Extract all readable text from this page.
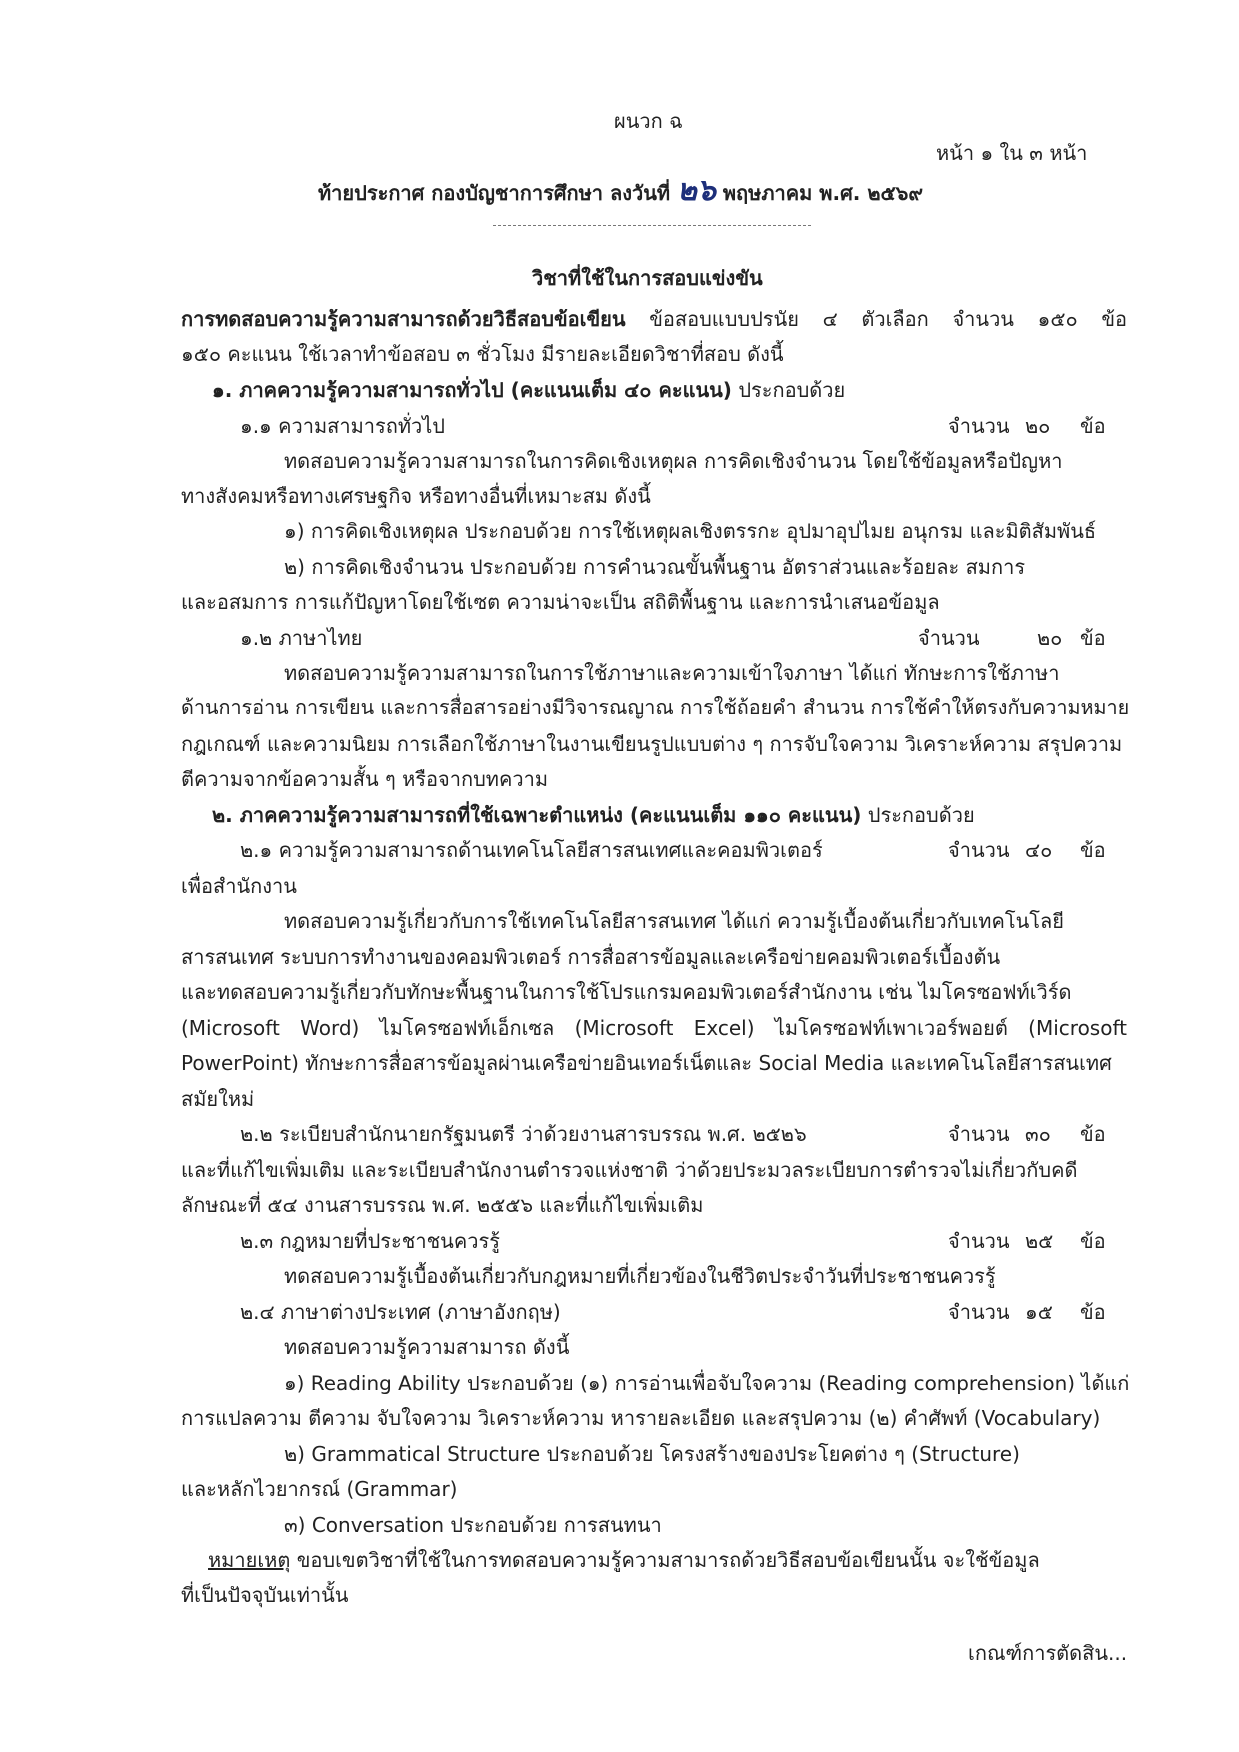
ผนวก ฉ
หน้า ๑ ใน ๓ หน้า
ท้ายประกาศ กองบัญชาการศึกษา ลงวันที่ ๒๖ พฤษภาคม พ.ศ. ๒๕๖๙
วิชาที่ใช้ในการสอบแข่งขัน
การทดสอบความรู้ความสามารถด้วยวิธีสอบข้อเขียน ข้อสอบแบบปรนัย ๔ ตัวเลือก จำนวน ๑๕๐ ข้อ
๑๕๐ คะแนน ใช้เวลาทำข้อสอบ ๓ ชั่วโมง มีรายละเอียดวิชาที่สอบ ดังนี้
๑. ภาคความรู้ความสามารถทั่วไป (คะแนนเต็ม ๔๐ คะแนน) ประกอบด้วย
๑.๑ ความสามารถทั่วไป	จำนวน ๒๐ ข้อ
ทดสอบความรู้ความสามารถในการคิดเชิงเหตุผล การคิดเชิงจำนวน โดยใช้ข้อมูลหรือปัญหา
ทางสังคมหรือทางเศรษฐกิจ หรือทางอื่นที่เหมาะสม ดังนี้
๑) การคิดเชิงเหตุผล ประกอบด้วย การใช้เหตุผลเชิงตรรกะ อุปมาอุปไมย อนุกรม และมิติสัมพันธ์
๒) การคิดเชิงจำนวน ประกอบด้วย การคำนวณขั้นพื้นฐาน อัตราส่วนและร้อยละ สมการ
และอสมการ การแก้ปัญหาโดยใช้เซต ความน่าจะเป็น สถิติพื้นฐาน และการนำเสนอข้อมูล
๑.๒ ภาษาไทย	จำนวน	๒๐ ข้อ
ทดสอบความรู้ความสามารถในการใช้ภาษาและความเข้าใจภาษา ได้แก่ ทักษะการใช้ภาษา
ด้านการอ่าน การเขียน และการสื่อสารอย่างมีวิจารณญาณ การใช้ถ้อยคำ สำนวน การใช้คำให้ตรงกับความหมาย
กฎเกณฑ์ และความนิยม การเลือกใช้ภาษาในงานเขียนรูปแบบต่าง ๆ การจับใจความ วิเคราะห์ความ สรุปความ
ตีความจากข้อความสั้น ๆ หรือจากบทความ
๒. ภาคความรู้ความสามารถที่ใช้เฉพาะตำแหน่ง (คะแนนเต็ม ๑๑๐ คะแนน) ประกอบด้วย
๒.๑ ความรู้ความสามารถด้านเทคโนโลยีสารสนเทศและคอมพิวเตอร์	จำนวน ๔๐ ข้อ
เพื่อสำนักงาน
ทดสอบความรู้เกี่ยวกับการใช้เทคโนโลยีสารสนเทศ ได้แก่ ความรู้เบื้องต้นเกี่ยวกับเทคโนโลยี
สารสนเทศ ระบบการทำงานของคอมพิวเตอร์ การสื่อสารข้อมูลและเครือข่ายคอมพิวเตอร์เบื้องต้น
และทดสอบความรู้เกี่ยวกับทักษะพื้นฐานในการใช้โปรแกรมคอมพิวเตอร์สำนักงาน เช่น ไมโครซอฟท์เวิร์ด
(Microsoft Word) ไมโครซอฟท์เอ็กเซล (Microsoft Excel) ไมโครซอฟท์เพาเวอร์พอยต์ (Microsoft
PowerPoint) ทักษะการสื่อสารข้อมูลผ่านเครือข่ายอินเทอร์เน็ตและ Social Media และเทคโนโลยีสารสนเทศ
สมัยใหม่
๒.๒ ระเบียบสำนักนายกรัฐมนตรี ว่าด้วยงานสารบรรณ พ.ศ. ๒๕๒๖	จำนวน ๓๐ ข้อ
และที่แก้ไขเพิ่มเติม และระเบียบสำนักงานตำรวจแห่งชาติ ว่าด้วยประมวลระเบียบการตำรวจไม่เกี่ยวกับคดี
ลักษณะที่ ๕๔ งานสารบรรณ พ.ศ. ๒๕๕๖ และที่แก้ไขเพิ่มเติม
๒.๓ กฎหมายที่ประชาชนควรรู้	จำนวน ๒๕ ข้อ
ทดสอบความรู้เบื้องต้นเกี่ยวกับกฎหมายที่เกี่ยวข้องในชีวิตประจำวันที่ประชาชนควรรู้
๒.๔ ภาษาต่างประเทศ (ภาษาอังกฤษ)	จำนวน ๑๕ ข้อ
ทดสอบความรู้ความสามารถ ดังนี้
๑) Reading Ability ประกอบด้วย (๑) การอ่านเพื่อจับใจความ (Reading comprehension) ได้แก่
การแปลความ ตีความ จับใจความ วิเคราะห์ความ หารายละเอียด และสรุปความ (๒) คำศัพท์ (Vocabulary)
๒) Grammatical Structure ประกอบด้วย โครงสร้างของประโยคต่าง ๆ (Structure)
และหลักไวยากรณ์ (Grammar)
๓) Conversation ประกอบด้วย การสนทนา
หมายเหตุ ขอบเขตวิชาที่ใช้ในการทดสอบความรู้ความสามารถด้วยวิธีสอบข้อเขียนนั้น จะใช้ข้อมูล
ที่เป็นปัจจุบันเท่านั้น
เกณฑ์การตัดสิน...
